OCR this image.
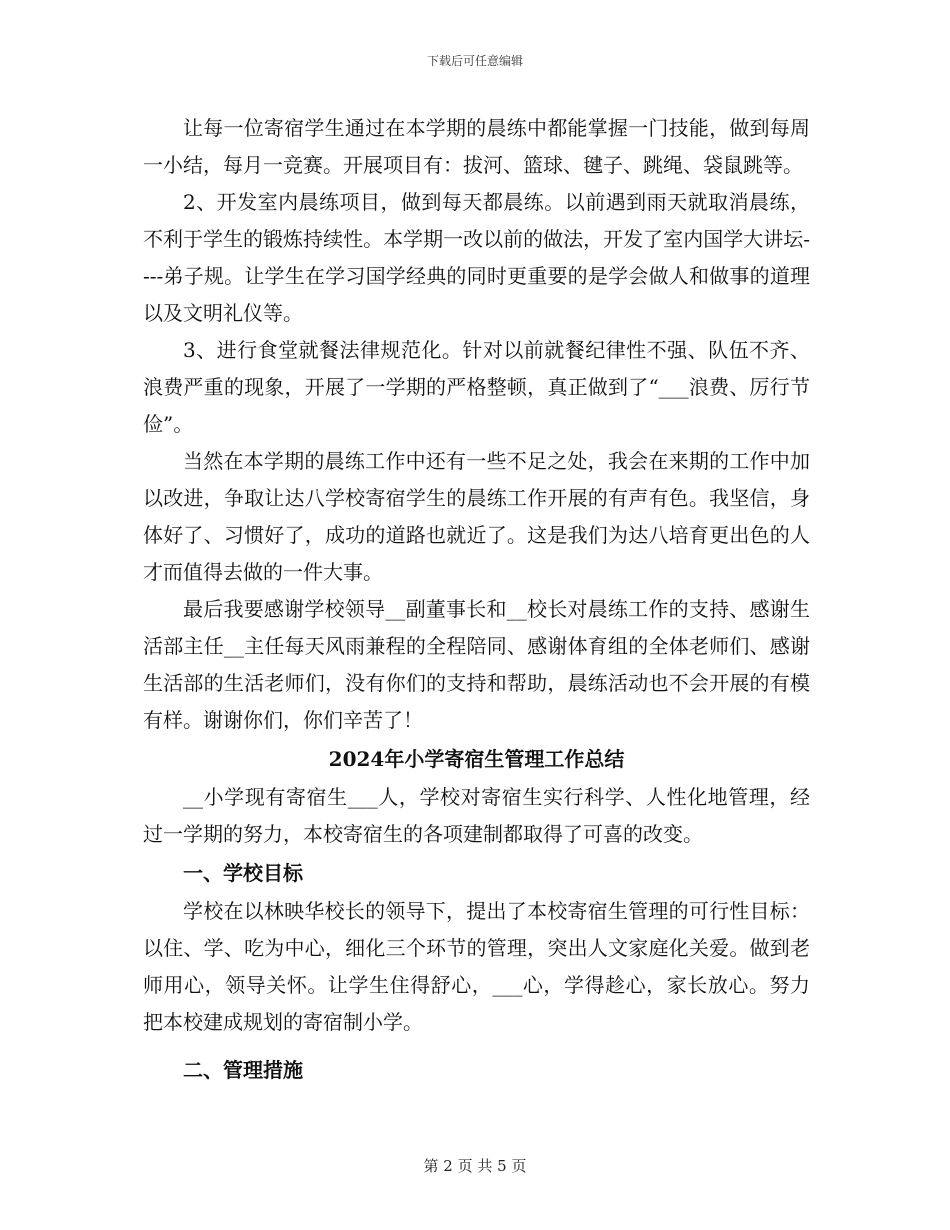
下载后可任意编辑

让每一位寄宿学生通过在本学期的晨练中都能掌握一门技能，做到每周一小结，每月一竞赛。开展项目有：拔河、篮球、毽子、跳绳、袋鼠跳等。

2、开发室内晨练项目，做到每天都晨练。以前遇到雨天就取消晨练，不利于学生的锻炼持续性。本学期一改以前的做法，开发了室内国学大讲坛----弟子规。让学生在学习国学经典的同时更重要的是学会做人和做事的道理以及文明礼仪等。

3、进行食堂就餐法律规范化。针对以前就餐纪律性不强、队伍不齐、浪费严重的现象，开展了一学期的严格整顿，真正做到了“___浪费、厉行节俭”。

当然在本学期的晨练工作中还有一些不足之处，我会在来期的工作中加以改进，争取让达八学校寄宿学生的晨练工作开展的有声有色。我坚信，身体好了、习惯好了，成功的道路也就近了。这是我们为达八培育更出色的人才而值得去做的一件大事。

最后我要感谢学校领导__副董事长和__校长对晨练工作的支持、感谢生活部主任__主任每天风雨兼程的全程陪同、感谢体育组的全体老师们、感谢生活部的生活老师们，没有你们的支持和帮助，晨练活动也不会开展的有模有样。谢谢你们，你们辛苦了！

2024年小学寄宿生管理工作总结

__小学现有寄宿生___人，学校对寄宿生实行科学、人性化地管理，经过一学期的努力，本校寄宿生的各项建制都取得了可喜的改变。

一、学校目标

学校在以林映华校长的领导下，提出了本校寄宿生管理的可行性目标：以住、学、吃为中心，细化三个环节的管理，突出人文家庭化关爱。做到老师用心，领导关怀。让学生住得舒心，___心，学得趁心，家长放心。努力把本校建成规划的寄宿制小学。

二、管理措施

第 2 页 共 5 页
